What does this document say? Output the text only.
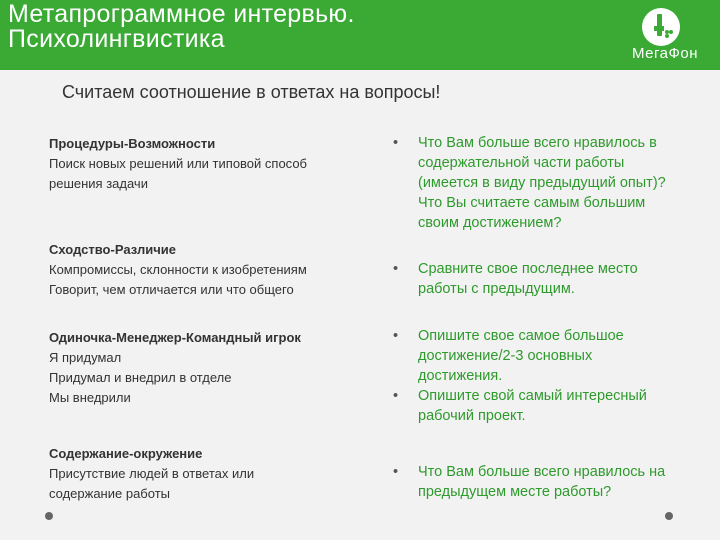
Метапрограммное интервью.
Психолингвистика
МегаФон
Считаем соотношение в ответах на вопросы!
Процедуры-Возможности
Поиск новых решений или типовой способ
решения задачи
• Что Вам больше всего нравилось в
содержательной части работы
(имеется в виду предыдущий опыт)?
Что Вы считаете самым большим
своим достижением?
Сходство-Различие
Компромиссы, склонности к изобретениям
Говорит, чем отличается или что общего
• Сравните свое последнее место
работы с предыдущим.
Одиночка-Менеджер-Командный игрок
Я придумал
Придумал и внедрил в отделе
Мы внедрили
• Опишите свое самое большое
достижение/2-3 основных
достижения.
• Опишите свой самый интересный
рабочий проект.
Содержание-окружение
Присутствие людей в ответах или
содержание работы
• Что Вам больше всего нравилось на
предыдущем месте работы?
